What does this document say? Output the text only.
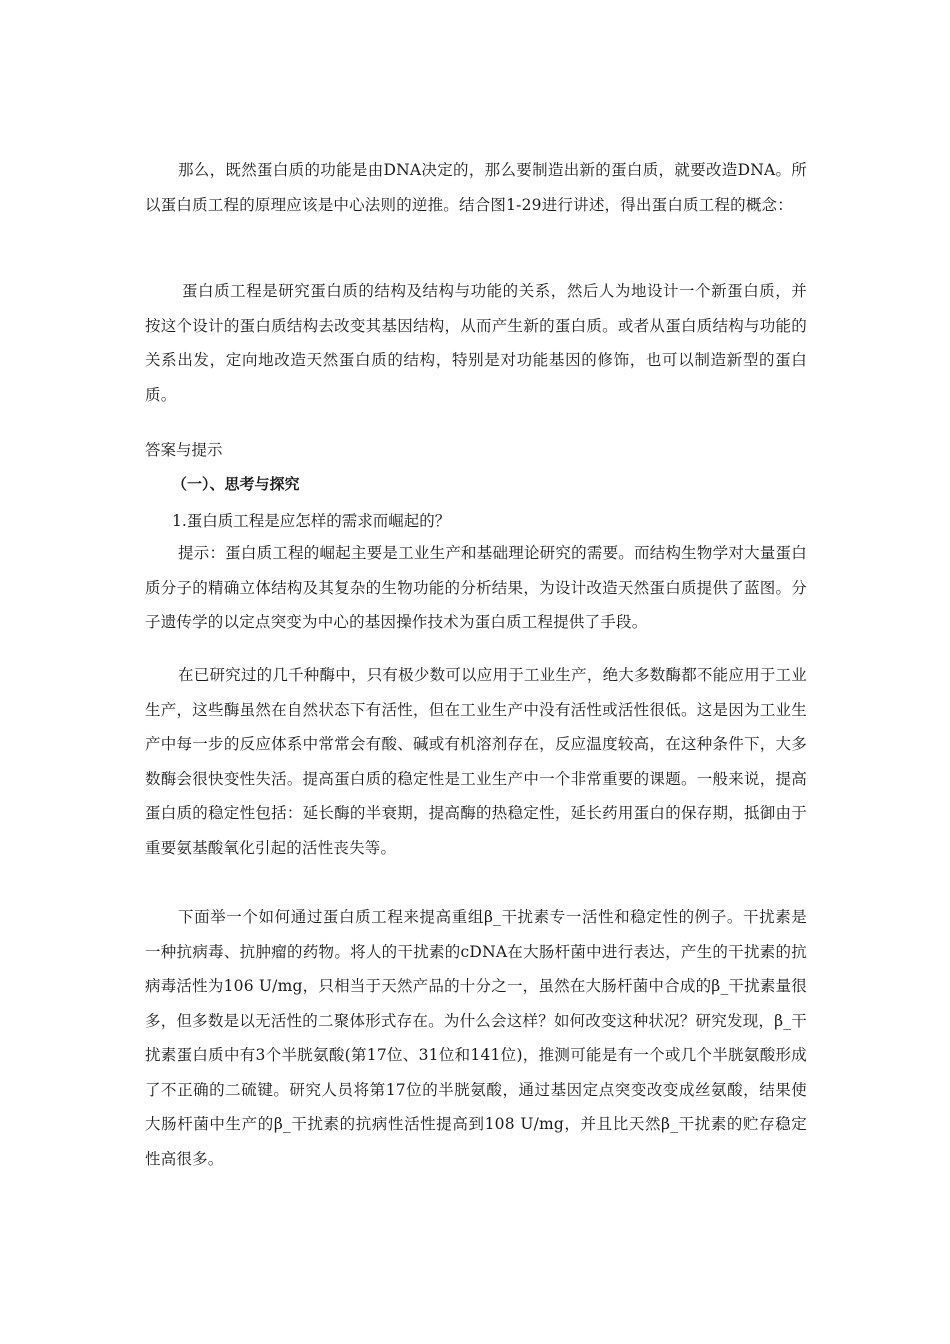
那么，既然蛋白质的功能是由DNA决定的，那么要制造出新的蛋白质，就要改造DNA。所以蛋白质工程的原理应该是中心法则的逆推。结合图1-29进行讲述，得出蛋白质工程的概念：

蛋白质工程是研究蛋白质的结构及结构与功能的关系，然后人为地设计一个新蛋白质，并按这个设计的蛋白质结构去改变其基因结构，从而产生新的蛋白质。或者从蛋白质结构与功能的关系出发，定向地改造天然蛋白质的结构，特别是对功能基因的修饰，也可以制造新型的蛋白质。

答案与提示

（一）、思考与探究

1.蛋白质工程是应怎样的需求而崛起的？

提示：蛋白质工程的崛起主要是工业生产和基础理论研究的需要。而结构生物学对大量蛋白质分子的精确立体结构及其复杂的生物功能的分析结果，为设计改造天然蛋白质提供了蓝图。分子遗传学的以定点突变为中心的基因操作技术为蛋白质工程提供了手段。

在已研究过的几千种酶中，只有极少数可以应用于工业生产，绝大多数酶都不能应用于工业生产，这些酶虽然在自然状态下有活性，但在工业生产中没有活性或活性很低。这是因为工业生产中每一步的反应体系中常常会有酸、碱或有机溶剂存在，反应温度较高，在这种条件下，大多数酶会很快变性失活。提高蛋白质的稳定性是工业生产中一个非常重要的课题。一般来说，提高蛋白质的稳定性包括：延长酶的半衰期，提高酶的热稳定性，延长药用蛋白的保存期，抵御由于重要氨基酸氧化引起的活性丧失等。

下面举一个如何通过蛋白质工程来提高重组β_干扰素专一活性和稳定性的例子。干扰素是一种抗病毒、抗肿瘤的药物。将人的干扰素的cDNA在大肠杆菌中进行表达，产生的干扰素的抗病毒活性为106 U/mg，只相当于天然产品的十分之一，虽然在大肠杆菌中合成的β_干扰素量很多，但多数是以无活性的二聚体形式存在。为什么会这样？如何改变这种状况？研究发现，β_干扰素蛋白质中有3个半胱氨酸(第17位、31位和141位)，推测可能是有一个或几个半胱氨酸形成了不正确的二硫键。研究人员将第17位的半胱氨酸，通过基因定点突变改变成丝氨酸，结果使大肠杆菌中生产的β_干扰素的抗病性活性提高到108 U/mg，并且比天然β_干扰素的贮存稳定性高很多。
